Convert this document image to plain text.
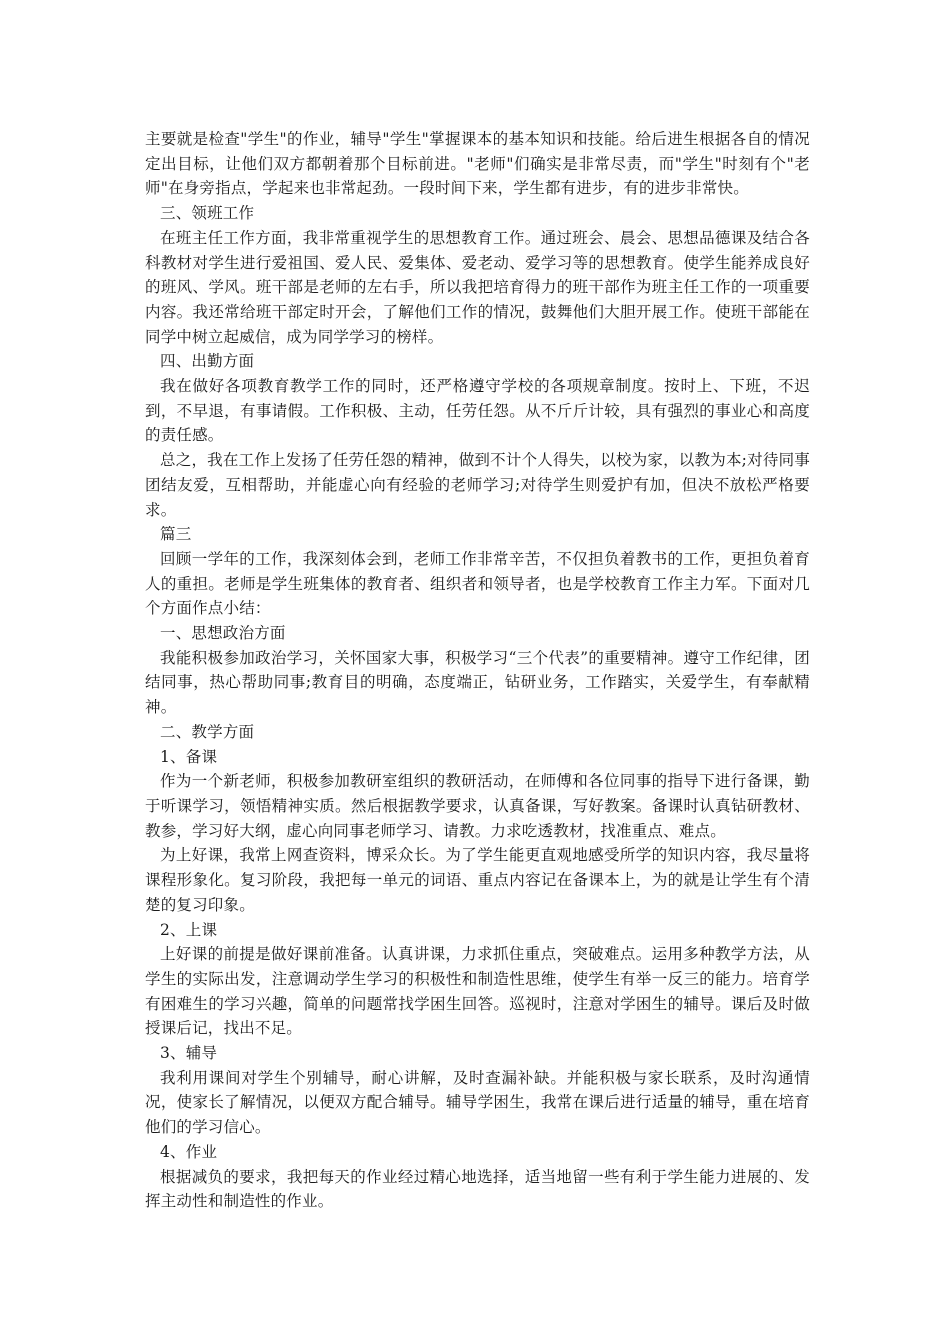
主要就是检查"学生"的作业，辅导"学生"掌握课本的基本知识和技能。给后进生根据各自的情况定出目标，让他们双方都朝着那个目标前进。"老师"们确实是非常尽责，而"学生"时刻有个"老师"在身旁指点，学起来也非常起劲。一段时间下来，学生都有进步，有的进步非常快。

三、领班工作

在班主任工作方面，我非常重视学生的思想教育工作。通过班会、晨会、思想品德课及结合各科教材对学生进行爱祖国、爱人民、爱集体、爱老动、爱学习等的思想教育。使学生能养成良好的班风、学风。班干部是老师的左右手，所以我把培育得力的班干部作为班主任工作的一项重要内容。我还常给班干部定时开会，了解他们工作的情况，鼓舞他们大胆开展工作。使班干部能在同学中树立起威信，成为同学学习的榜样。

四、出勤方面

我在做好各项教育教学工作的同时，还严格遵守学校的各项规章制度。按时上、下班，不迟到，不早退，有事请假。工作积极、主动，任劳任怨。从不斤斤计较，具有强烈的事业心和高度的责任感。

总之，我在工作上发扬了任劳任怨的精神，做到不计个人得失，以校为家，以教为本;对待同事团结友爱，互相帮助，并能虚心向有经验的老师学习;对待学生则爱护有加，但决不放松严格要求。

篇三

回顾一学年的工作，我深刻体会到，老师工作非常辛苦，不仅担负着教书的工作，更担负着育人的重担。老师是学生班集体的教育者、组织者和领导者，也是学校教育工作主力军。下面对几个方面作点小结：

一、思想政治方面

我能积极参加政治学习，关怀国家大事，积极学习“三个代表”的重要精神。遵守工作纪律，团结同事，热心帮助同事;教育目的明确，态度端正，钻研业务，工作踏实，关爱学生，有奉献精神。

二、教学方面

1、备课

作为一个新老师，积极参加教研室组织的教研活动，在师傅和各位同事的指导下进行备课，勤于听课学习，领悟精神实质。然后根据教学要求，认真备课，写好教案。备课时认真钻研教材、教参，学习好大纲，虚心向同事老师学习、请教。力求吃透教材，找准重点、难点。

为上好课，我常上网查资料，博采众长。为了学生能更直观地感受所学的知识内容，我尽量将课程形象化。复习阶段，我把每一单元的词语、重点内容记在备课本上，为的就是让学生有个清楚的复习印象。

2、上课

上好课的前提是做好课前准备。认真讲课，力求抓住重点，突破难点。运用多种教学方法，从学生的实际出发，注意调动学生学习的积极性和制造性思维，使学生有举一反三的能力。培育学有困难生的学习兴趣，简单的问题常找学困生回答。巡视时，注意对学困生的辅导。课后及时做授课后记，找出不足。

3、辅导

我利用课间对学生个别辅导，耐心讲解，及时查漏补缺。并能积极与家长联系，及时沟通情况，使家长了解情况，以便双方配合辅导。辅导学困生，我常在课后进行适量的辅导，重在培育他们的学习信心。

4、作业

根据减负的要求，我把每天的作业经过精心地选择，适当地留一些有利于学生能力进展的、发挥主动性和制造性的作业。
